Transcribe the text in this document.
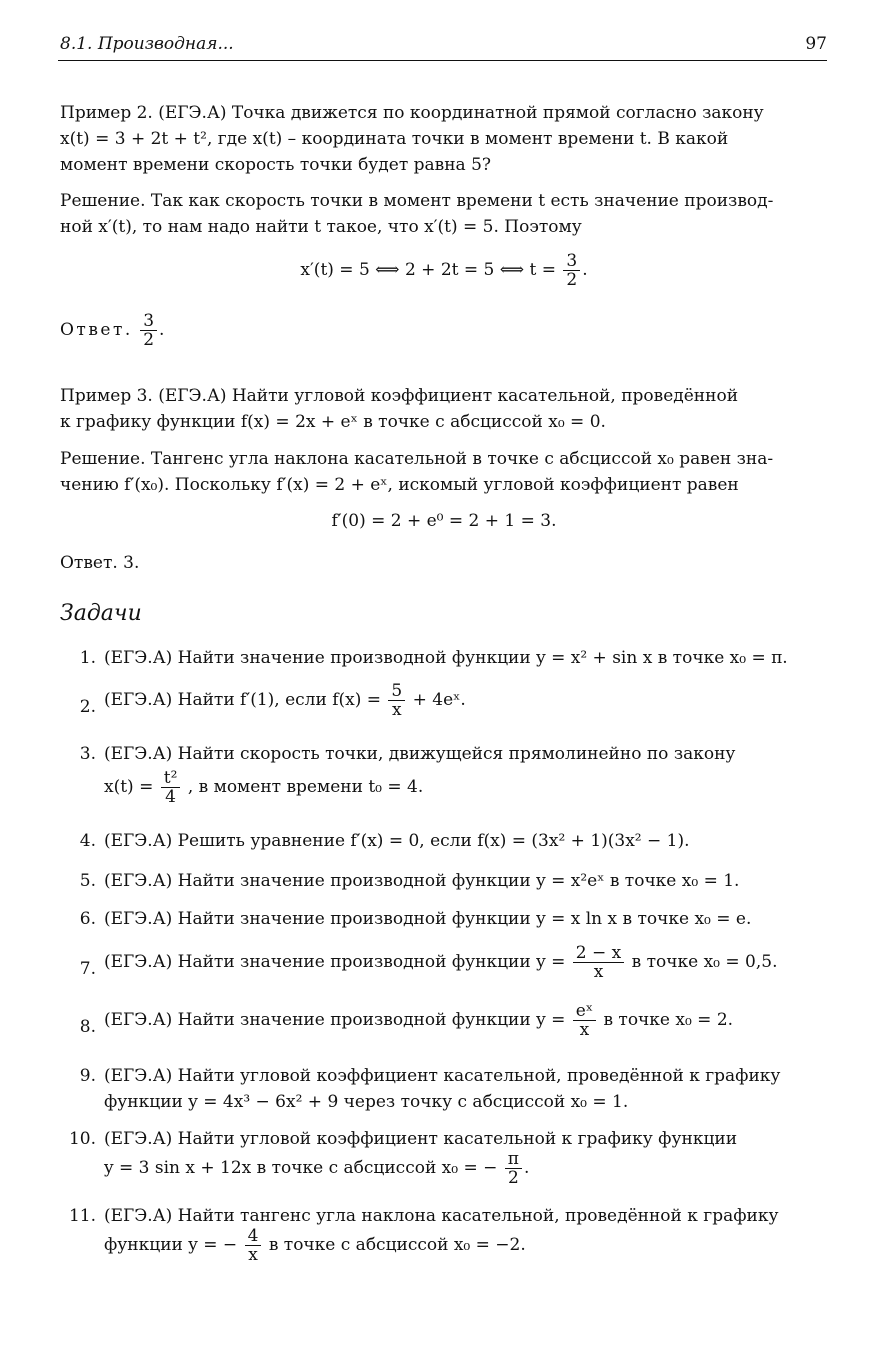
8.1. Производная...	97
Пример 2. (ЕГЭ.А) Точка движется по координатной прямой согласно закону
x(t) = 3 + 2t + t², где x(t) – координата точки в момент времени t. В какой
момент времени скорость точки будет равна 5?
Решение. Так как скорость точки в момент времени t есть значение производ-
ной x′(t), то нам надо найти t такое, что x′(t) = 5. Поэтому
x′(t) = 5 ⟺ 2 + 2t = 5 ⟺ $t = \frac{3}{2}$ .
Ответ. $\frac{3}{2}$ .
Пример 3. (ЕГЭ.А) Найти угловой коэффициент касательной, проведённой
к графику функции f(x) = 2x + eˣ в точке с абсциссой x₀ = 0.
Решение. Тангенс угла наклона касательной в точке с абсциссой x₀ равен зна-
чению f′(x₀). Поскольку f′(x) = 2 + eˣ, искомый угловой коэффициент равен
f′(0) = 2 + e⁰ = 2 + 1 = 3.
Ответ. 3.
Задачи
1. (ЕГЭ.А) Найти значение производной функции y = x² + sin x в точке x₀ = π.
2. (ЕГЭ.А) Найти f′(1), если $f(x) = \frac{5}{x}$ + 4eˣ.
3. (ЕГЭ.А) Найти скорость точки, движущейся прямолинейно по закону
$x(t) = \frac{\text{t²}}{4}$ , в момент времени t₀ = 4.
4. (ЕГЭ.А) Решить уравнение f′(x) = 0, если f(x) = (3x² + 1)(3x² − 1).
5. (ЕГЭ.А) Найти значение производной функции y = x²eˣ в точке x₀ = 1.
6. (ЕГЭ.А) Найти значение производной функции y = x ln x в точке x₀ = e.
7. (ЕГЭ.А) Найти значение производной функции $y = \frac{2 - x}{x}$ в точке x₀ = 0,5.
8. (ЕГЭ.А) Найти значение производной функции $y = \frac{\text{eˣ}}{x}$ в точке x₀ = 2.
9. (ЕГЭ.А) Найти угловой коэффициент касательной, проведённой к графику
функции y = 4x³ − 6x² + 9 через точку с абсциссой x₀ = 1.
10. (ЕГЭ.А) Найти угловой коэффициент касательной к графику функции
y = 3 sin x + 12x в точке с абсциссой x₀ = − $\frac{\pi}{2}$ .
11. (ЕГЭ.А) Найти тангенс угла наклона касательной, проведённой к графику
функции y = − $\frac{4}{x}$ в точке с абсциссой x₀ = −2.
